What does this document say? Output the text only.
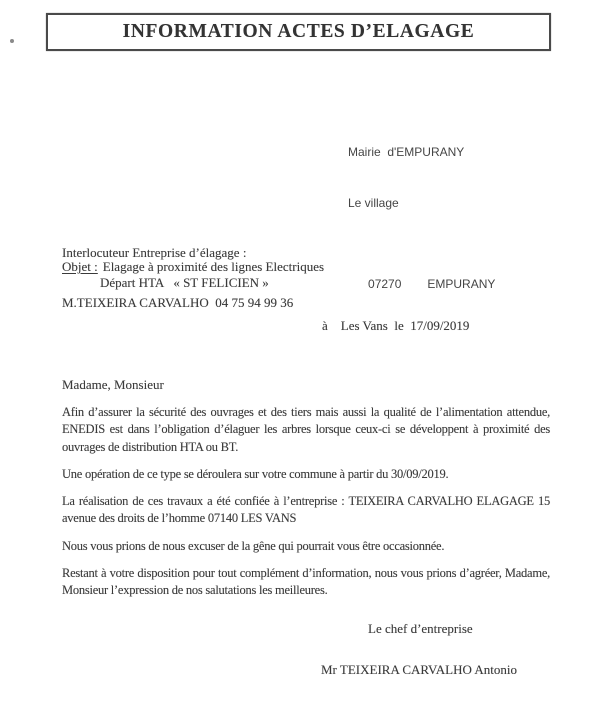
INFORMATION ACTES D’ELAGAGE

Mairie  d'EMPURANY

Le village

07270 EMPURANY

Interlocuteur Entreprise d’élagage :

M.TEIXEIRA CARVALHO  04 75 94 99 36

Objet : Elagage à proximité des lignes Electriques
Départ HTA   « ST FELICIEN »
à    Les Vans  le  17/09/2019
Madame, Monsieur

Afin d’assurer la sécurité des ouvrages et des tiers mais aussi la qualité de l’alimentation attendue, ENEDIS est dans l’obligation d’élaguer les arbres lorsque ceux-ci se développent à proximité des ouvrages de distribution HTA ou BT.

Une opération de ce type se déroulera sur votre commune à partir du 30/09/2019.

La réalisation de ces travaux a été confiée à l’entreprise : TEIXEIRA CARVALHO ELAGAGE 15 avenue des droits de l’homme 07140 LES VANS

Nous vous prions de nous excuser de la gêne qui pourrait vous être occasionnée.

Restant à votre disposition pour tout complément d’information, nous vous prions d’agréer, Madame, Monsieur l’expression de nos salutations les meilleures.

Le chef d’entreprise
Mr TEIXEIRA CARVALHO Antonio
